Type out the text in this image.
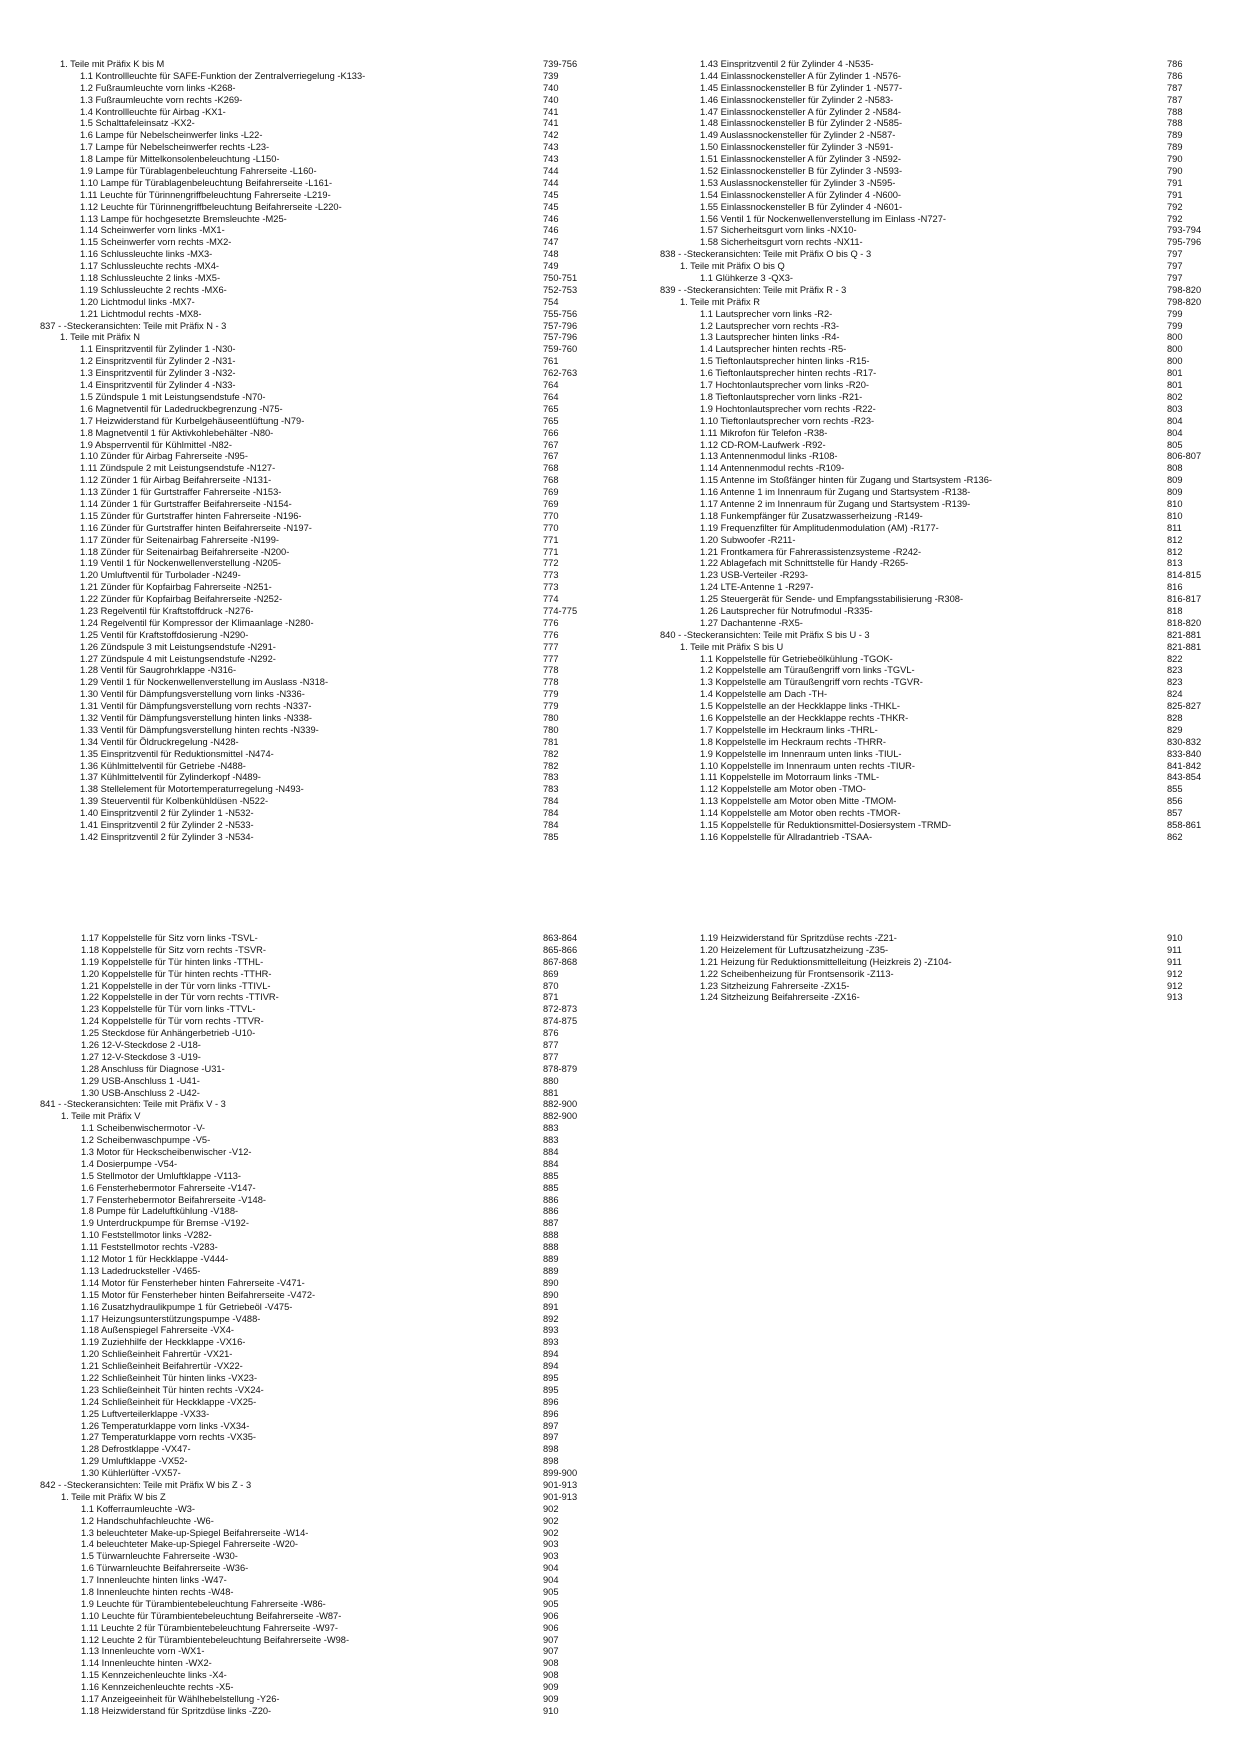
1. Teile mit Präfix K bis M	739-756
1.1 Kontrollleuchte für SAFE-Funktion der Zentralverriegelung -K133-	739
1.2 Fußraumleuchte vorn links -K268-	740
1.3 Fußraumleuchte vorn rechts -K269-	740
1.4 Kontrollleuchte für Airbag -KX1-	741
1.5 Schalttafeleinsatz -KX2-	741
1.6 Lampe für Nebelscheinwerfer links -L22-	742
1.7 Lampe für Nebelscheinwerfer rechts -L23-	743
1.8 Lampe für Mittelkonsolenbeleuchtung -L150-	743
1.9 Lampe für Türablagenbeleuchtung Fahrerseite -L160-	744
1.10 Lampe für Türablagenbeleuchtung Beifahrerseite -L161-	744
1.11 Leuchte für Türinnengriffbeleuchtung Fahrerseite -L219-	745
1.12 Leuchte für Türinnengriffbeleuchtung Beifahrerseite -L220-	745
1.13 Lampe für hochgesetzte Bremsleuchte -M25-	746
1.14 Scheinwerfer vorn links -MX1-	746
1.15 Scheinwerfer vorn rechts -MX2-	747
1.16 Schlussleuchte links -MX3-	748
1.17 Schlussleuchte rechts -MX4-	749
1.18 Schlussleuchte 2 links -MX5-	750-751
1.19 Schlussleuchte 2 rechts -MX6-	752-753
1.20 Lichtmodul links -MX7-	754
1.21 Lichtmodul rechts -MX8-	755-756
837 - -Steckeransichten: Teile mit Präfix N - 3	757-796
1. Teile mit Präfix N	757-796
1.1 Einspritzventil für Zylinder 1 -N30-	759-760
1.2 Einspritzventil für Zylinder 2 -N31-	761
1.3 Einspritzventil für Zylinder 3 -N32-	762-763
1.4 Einspritzventil für Zylinder 4 -N33-	764
1.5 Zündspule 1 mit Leistungsendstufe -N70-	764
1.6 Magnetventil für Ladedruckbegrenzung -N75-	765
1.7 Heizwiderstand für Kurbelgehäuseentlüftung -N79-	765
1.8 Magnetventil 1 für Aktivkohlebehälter -N80-	766
1.9 Absperrventil für Kühlmittel -N82-	767
1.10 Zünder für Airbag Fahrerseite -N95-	767
1.11 Zündspule 2 mit Leistungsendstufe -N127-	768
1.12 Zünder 1 für Airbag Beifahrerseite -N131-	768
1.13 Zünder 1 für Gurtstraffer Fahrerseite -N153-	769
1.14 Zünder 1 für Gurtstraffer Beifahrerseite -N154-	769
1.15 Zünder für Gurtstraffer hinten Fahrerseite -N196-	770
1.16 Zünder für Gurtstraffer hinten Beifahrerseite -N197-	770
1.17 Zünder für Seitenairbag Fahrerseite -N199-	771
1.18 Zünder für Seitenairbag Beifahrerseite -N200-	771
1.19 Ventil 1 für Nockenwellenverstellung -N205-	772
1.20 Umluftventil für Turbolader -N249-	773
1.21 Zünder für Kopfairbag Fahrerseite -N251-	773
1.22 Zünder für Kopfairbag Beifahrerseite -N252-	774
1.23 Regelventil für Kraftstoffdruck -N276-	774-775
1.24 Regelventil für Kompressor der Klimaanlage -N280-	776
1.25 Ventil für Kraftstoffdosierung -N290-	776
1.26 Zündspule 3 mit Leistungsendstufe -N291-	777
1.27 Zündspule 4 mit Leistungsendstufe -N292-	777
1.28 Ventil für Saugrohrklappe -N316-	778
1.29 Ventil 1 für Nockenwellenverstellung im Auslass -N318-	778
1.30 Ventil für Dämpfungsverstellung vorn links -N336-	779
1.31 Ventil für Dämpfungsverstellung vorn rechts -N337-	779
1.32 Ventil für Dämpfungsverstellung hinten links -N338-	780
1.33 Ventil für Dämpfungsverstellung hinten rechts -N339-	780
1.34 Ventil für Öldruckregelung -N428-	781
1.35 Einspritzventil für Reduktionsmittel -N474-	782
1.36 Kühlmittelventil für Getriebe -N488-	782
1.37 Kühlmittelventil für Zylinderkopf -N489-	783
1.38 Stellelement für Motortemperaturregelung -N493-	783
1.39 Steuerventil für Kolbenkühldüsen -N522-	784
1.40 Einspritzventil 2 für Zylinder 1 -N532-	784
1.41 Einspritzventil 2 für Zylinder 2 -N533-	784
1.42 Einspritzventil 2 für Zylinder 3 -N534-	785
1.43 Einspritzventil 2 für Zylinder 4 -N535-	786
1.44 Einlassnockensteller A für Zylinder 1 -N576-	786
1.45 Einlassnockensteller B für Zylinder 1 -N577-	787
1.46 Einlassnockensteller für Zylinder 2 -N583-	787
1.47 Einlassnockensteller A für Zylinder 2 -N584-	788
1.48 Einlassnockensteller B für Zylinder 2 -N585-	788
1.49 Auslassnockensteller für Zylinder 2 -N587-	789
1.50 Einlassnockensteller für Zylinder 3 -N591-	789
1.51 Einlassnockensteller A für Zylinder 3 -N592-	790
1.52 Einlassnockensteller B für Zylinder 3 -N593-	790
1.53 Auslassnockensteller für Zylinder 3 -N595-	791
1.54 Einlassnockensteller A für Zylinder 4 -N600-	791
1.55 Einlassnockensteller B für Zylinder 4 -N601-	792
1.56 Ventil 1 für Nockenwellenverstellung im Einlass -N727-	792
1.57 Sicherheitsgurt vorn links -NX10-	793-794
1.58 Sicherheitsgurt vorn rechts -NX11-	795-796
838 - -Steckeransichten: Teile mit Präfix O bis Q - 3	797
1. Teile mit Präfix O bis Q	797
1.1 Glühkerze 3 -QX3-	797
839 - -Steckeransichten: Teile mit Präfix R - 3	798-820
1. Teile mit Präfix R	798-820
1.1 Lautsprecher vorn links -R2-	799
1.2 Lautsprecher vorn rechts -R3-	799
1.3 Lautsprecher hinten links -R4-	800
1.4 Lautsprecher hinten rechts -R5-	800
1.5 Tieftonlautsprecher hinten links -R15-	800
1.6 Tieftonlautsprecher hinten rechts -R17-	801
1.7 Hochtonlautsprecher vorn links -R20-	801
1.8 Tieftonlautsprecher vorn links -R21-	802
1.9 Hochtonlautsprecher vorn rechts -R22-	803
1.10 Tieftonlautsprecher vorn rechts -R23-	804
1.11 Mikrofon für Telefon -R38-	804
1.12 CD-ROM-Laufwerk -R92-	805
1.13 Antennenmodul links -R108-	806-807
1.14 Antennenmodul rechts -R109-	808
1.15 Antenne im Stoßfänger hinten für Zugang und Startsystem -R136-	809
1.16 Antenne 1 im Innenraum für Zugang und Startsystem -R138-	809
1.17 Antenne 2 im Innenraum für Zugang und Startsystem -R139-	810
1.18 Funkempfänger für Zusatzwasserheizung -R149-	810
1.19 Frequenzfilter für Amplitudenmodulation (AM) -R177-	811
1.20 Subwoofer -R211-	812
1.21 Frontkamera für Fahrerassistenzsysteme -R242-	812
1.22 Ablagefach mit Schnittstelle für Handy -R265-	813
1.23 USB-Verteiler -R293-	814-815
1.24 LTE-Antenne 1 -R297-	816
1.25 Steuergerät für Sende- und Empfangsstabilisierung -R308-	816-817
1.26 Lautsprecher für Notrufmodul -R335-	818
1.27 Dachantenne -RX5-	818-820
840 - -Steckeransichten: Teile mit Präfix S bis U - 3	821-881
1. Teile mit Präfix S bis U	821-881
1.1 Koppelstelle für Getriebeölkühlung -TGOK-	822
1.2 Koppelstelle am Türaußengriff vorn links -TGVL-	823
1.3 Koppelstelle am Türaußengriff vorn rechts -TGVR-	823
1.4 Koppelstelle am Dach -TH-	824
1.5 Koppelstelle an der Heckklappe links -THKL-	825-827
1.6 Koppelstelle an der Heckklappe rechts -THKR-	828
1.7 Koppelstelle im Heckraum links -THRL-	829
1.8 Koppelstelle im Heckraum rechts -THRR-	830-832
1.9 Koppelstelle im Innenraum unten links -TIUL-	833-840
1.10 Koppelstelle im Innenraum unten rechts -TIUR-	841-842
1.11 Koppelstelle im Motorraum links -TML-	843-854
1.12 Koppelstelle am Motor oben -TMO-	855
1.13 Koppelstelle am Motor oben Mitte -TMOM-	856
1.14 Koppelstelle am Motor oben rechts -TMOR-	857
1.15 Koppelstelle für Reduktionsmittel-Dosiersystem -TRMD-	858-861
1.16 Koppelstelle für Allradantrieb -TSAA-	862
1.17 Koppelstelle für Sitz vorn links -TSVL-	863-864
1.18 Koppelstelle für Sitz vorn rechts -TSVR-	865-866
1.19 Koppelstelle für Tür hinten links -TTHL-	867-868
1.20 Koppelstelle für Tür hinten rechts -TTHR-	869
1.21 Koppelstelle in der Tür vorn links -TTIVL-	870
1.22 Koppelstelle in der Tür vorn rechts -TTIVR-	871
1.23 Koppelstelle für Tür vorn links -TTVL-	872-873
1.24 Koppelstelle für Tür vorn rechts -TTVR-	874-875
1.25 Steckdose für Anhängerbetrieb -U10-	876
1.26 12-V-Steckdose 2 -U18-	877
1.27 12-V-Steckdose 3 -U19-	877
1.28 Anschluss für Diagnose -U31-	878-879
1.29 USB-Anschluss 1 -U41-	880
1.30 USB-Anschluss 2 -U42-	881
841 - -Steckeransichten: Teile mit Präfix V - 3	882-900
1. Teile mit Präfix V	882-900
1.1 Scheibenwischermotor -V-	883
1.2 Scheibenwaschpumpe -V5-	883
1.3 Motor für Heckscheibenwischer -V12-	884
1.4 Dosierpumpe -V54-	884
1.5 Stellmotor der Umluftklappe -V113-	885
1.6 Fensterhebermotor Fahrerseite -V147-	885
1.7 Fensterhebermotor Beifahrerseite -V148-	886
1.8 Pumpe für Ladeluftkühlung -V188-	886
1.9 Unterdruckpumpe für Bremse -V192-	887
1.10 Feststellmotor links -V282-	888
1.11 Feststellmotor rechts -V283-	888
1.12 Motor 1 für Heckklappe -V444-	889
1.13 Ladedrucksteller -V465-	889
1.14 Motor für Fensterheber hinten Fahrerseite -V471-	890
1.15 Motor für Fensterheber hinten Beifahrerseite -V472-	890
1.16 Zusatzhydraulikpumpe 1 für Getriebeöl -V475-	891
1.17 Heizungsunterstützungspumpe -V488-	892
1.18 Außenspiegel Fahrerseite -VX4-	893
1.19 Zuziehhilfe der Heckklappe -VX16-	893
1.20 Schließeinheit Fahrertür -VX21-	894
1.21 Schließeinheit Beifahrertür -VX22-	894
1.22 Schließeinheit Tür hinten links -VX23-	895
1.23 Schließeinheit Tür hinten rechts -VX24-	895
1.24 Schließeinheit für Heckklappe -VX25-	896
1.25 Luftverteilerklappe -VX33-	896
1.26 Temperaturklappe vorn links -VX34-	897
1.27 Temperaturklappe vorn rechts -VX35-	897
1.28 Defrostklappe -VX47-	898
1.29 Umluftklappe -VX52-	898
1.30 Kühlerlüfter -VX57-	899-900
842 - -Steckeransichten: Teile mit Präfix W bis Z - 3	901-913
1. Teile mit Präfix W bis Z	901-913
1.1 Kofferraumleuchte -W3-	902
1.2 Handschuhfachleuchte -W6-	902
1.3 beleuchteter Make-up-Spiegel Beifahrerseite -W14-	902
1.4 beleuchteter Make-up-Spiegel Fahrerseite -W20-	903
1.5 Türwarnleuchte Fahrerseite -W30-	903
1.6 Türwarnleuchte Beifahrerseite -W36-	904
1.7 Innenleuchte hinten links -W47-	904
1.8 Innenleuchte hinten rechts -W48-	905
1.9 Leuchte für Türambientebeleuchtung Fahrerseite -W86-	905
1.10 Leuchte für Türambientebeleuchtung Beifahrerseite -W87-	906
1.11 Leuchte 2 für Türambientebeleuchtung Fahrerseite -W97-	906
1.12 Leuchte 2 für Türambientebeleuchtung Beifahrerseite -W98-	907
1.13 Innenleuchte vorn -WX1-	907
1.14 Innenleuchte hinten -WX2-	908
1.15 Kennzeichenleuchte links -X4-	908
1.16 Kennzeichenleuchte rechts -X5-	909
1.17 Anzeigeeinheit für Wählhebelstellung -Y26-	909
1.18 Heizwiderstand für Spritzdüse links -Z20-	910
1.19 Heizwiderstand für Spritzdüse rechts -Z21-	910
1.20 Heizelement für Luftzusatzheizung -Z35-	911
1.21 Heizung für Reduktionsmittelleitung (Heizkreis 2) -Z104-	911
1.22 Scheibenheizung für Frontsensorik -Z113-	912
1.23 Sitzheizung Fahrerseite -ZX15-	912
1.24 Sitzheizung Beifahrerseite -ZX16-	913
